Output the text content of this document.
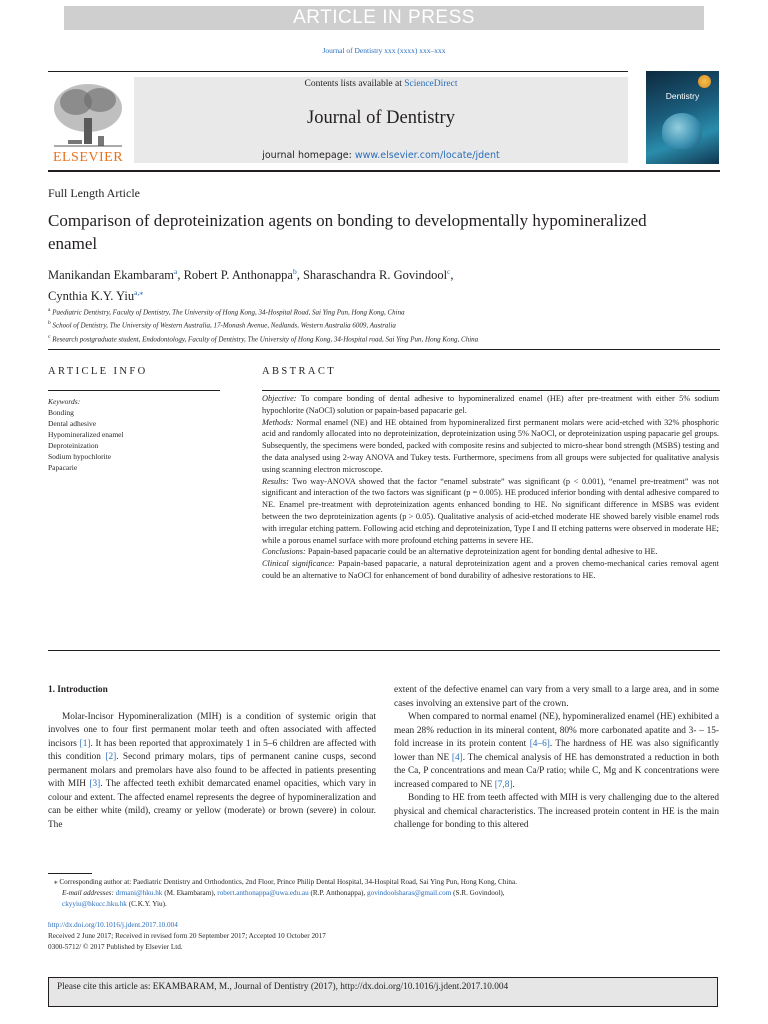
ARTICLE IN PRESS
Journal of Dentistry xxx (xxxx) xxx–xxx
ELSEVIER
Contents lists available at ScienceDirect
Journal of Dentistry
journal homepage: www.elsevier.com/locate/jdent
Dentistry
Full Length Article
Comparison of deproteinization agents on bonding to developmentally hypomineralized enamel
Manikandan Ekambaram$^a$, Robert P. Anthonappa$^b$, Sharaschandra R. Govindool$^c$,
Cynthia K.Y. Yiu$^{a,⁎}$
$^a$ Paediatric Dentistry, Faculty of Dentistry, The University of Hong Kong, 34-Hospital Road, Sai Ying Pun, Hong Kong, China
$^b$ School of Dentistry, The University of Western Australia, 17-Monash Avenue, Nedlands, Western Australia 6009, Australia
$^c$ Research postgraduate student, Endodontology, Faculty of Dentistry, The University of Hong Kong, 34-Hospital road, Sai Ying Pun, Hong Kong, China
ARTICLE INFO
Keywords:
Bonding
Dental adhesive
Hypomineralized enamel
Deproteinization
Sodium hypochlorite
Papacarie
ABSTRACT

Objective: To compare bonding of dental adhesive to hypomineralized enamel (HE) after pre-treatment with either 5% sodium hypochlorite (NaOCl) solution or papain-based papacarie gel.

Methods: Normal enamel (NE) and HE obtained from hypomineralized first permanent molars were acid-etched with 32% phosphoric acid and randomly allocated into no deproteinization, deproteinization using 5% NaOCl, or deproteinization usping papacarie gel groups. Subsequently, the specimens were bonded, packed with composite resins and subjected to micro-shear bond strength (MSBS) testing and the data analysed using 2-way ANOVA and Tukey tests. Furthermore, specimens from all groups were subjected for qualitative analysis using scanning electron microscope.

Results: Two way-ANOVA showed that the factor “enamel substrate” was significant (p < 0.001), “enamel pre-treatment” was not significant and interaction of the two factors was significant (p = 0.005). HE produced inferior bonding with dental adhesive compared to NE. Enamel pre-treatment with deproteinization agents enhanced bonding to HE. No significant difference in MSBS was evident between the two deproteinization agents (p > 0.05). Qualitative analysis of acid-etched moderate HE showed barely visible enamel rods with irregular etching pattern. Following acid etching and deproteinization, Type I and II etching patterns were observed in moderate HE; while a porous enamel surface with more profound etching patterns in severe HE.

Conclusions: Papain-based papacarie could be an alternative deproteinization agent for bonding dental adhesive to HE.

Clinical significance: Papain-based papacarie, a natural deproteinization agent and a proven chemo-mechanical caries removal agent could be an alternative to NaOCl for enhancement of bond durability of adhesive restorations to HE.

1. Introduction

Molar-Incisor Hypomineralization (MIH) is a condition of systemic origin that involves one to four first permanent molar teeth and often associated with affected incisors [1]. It has been reported that approximately 1 in 5–6 children are affected with this condition [2]. Second primary molars, tips of permanent canine cusps, second permanent molars and premolars have also found to be affected in patients presenting with MIH [3]. The affected teeth exhibit demarcated enamel opacities, which vary in colour and extent. The affected enamel represents the degree of hypomineralization and can be either white (mild), creamy or yellow (moderate) or brown (severe) in colour. The

extent of the defective enamel can vary from a very small to a large area, and in some cases involving an extensive part of the crown.

When compared to normal enamel (NE), hypomineralized enamel (HE) exhibited a mean 28% reduction in its mineral content, 80% more carbonated apatite and 3- – 15- fold increase in its protein content [4–6]. The hardness of HE was also significantly lower than NE [4]. The chemical analysis of HE has demonstrated a reduction in both the Ca, P concentrations and mean Ca/P ratio; while C, Mg and K concentrations were increased compared to NE [7,8].

Bonding to HE from teeth affected with MIH is very challenging due to the altered physical and chemical characteristics. The increased protein content in HE is the main challenge for bonding to this altered

⁎ Corresponding author at: Paediatric Dentistry and Orthodontics, 2nd Floor, Prince Philip Dental Hospital, 34-Hospital Road, Sai Ying Pun, Hong Kong, China.

E-mail addresses: drmani@hku.hk (M. Ekambaram), robert.anthonappa@uwa.edu.au (R.P. Anthonappa), govindoolsharas@gmail.com (S.R. Govindool),
ckyyiu@hkucc.hku.hk (C.K.Y. Yiu).

http://dx.doi.org/10.1016/j.jdent.2017.10.004

Received 2 June 2017; Received in revised form 20 September 2017; Accepted 10 October 2017

0300-5712/ © 2017 Published by Elsevier Ltd.

Please cite this article as: EKAMBARAM, M., Journal of Dentistry (2017), http://dx.doi.org/10.1016/j.jdent.2017.10.004
